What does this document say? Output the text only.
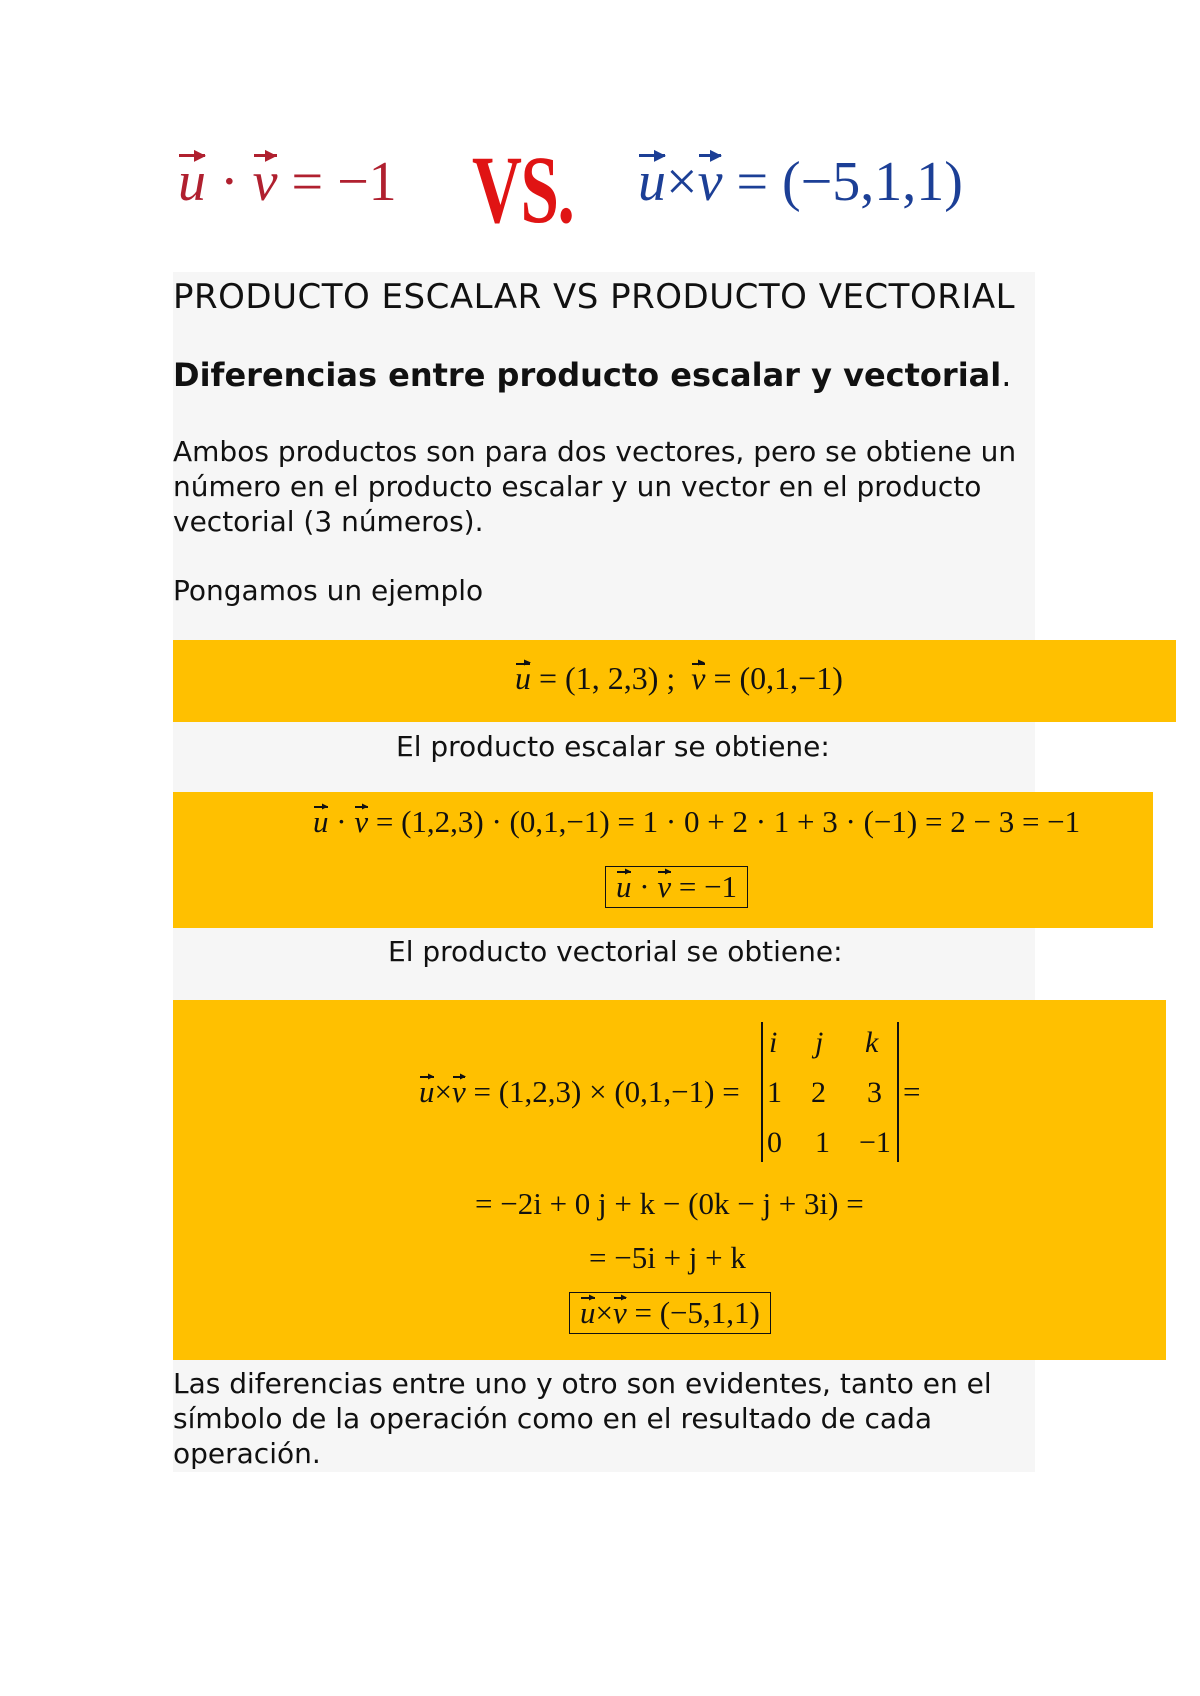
u · v = −1 VS. u×v = (−5,1,1)
PRODUCTO ESCALAR VS PRODUCTO VECTORIAL
Diferencias entre producto escalar y vectorial.
Ambos productos son para dos vectores, pero se obtiene un número en el producto escalar y un vector en el producto vectorial (3 números).
Pongamos un ejemplo
u = (1, 2,3) ; v = (0,1,−1)
El producto escalar se obtiene:
u · v = (1,2,3) · (0,1,−1) = 1 · 0 + 2 · 1 + 3 · (−1) = 2 − 3 = −1
u · v = −1
El producto vectorial se obtiene:
u×v = (1,2,3) × (0,1,−1) =
i j k
1 2 3
0 1 −1
=
= −2i + 0 j + k − (0k − j + 3i) =
= −5i + j + k
u×v = (−5,1,1)
Las diferencias entre uno y otro son evidentes, tanto en el símbolo de la operación como en el resultado de cada operación.
